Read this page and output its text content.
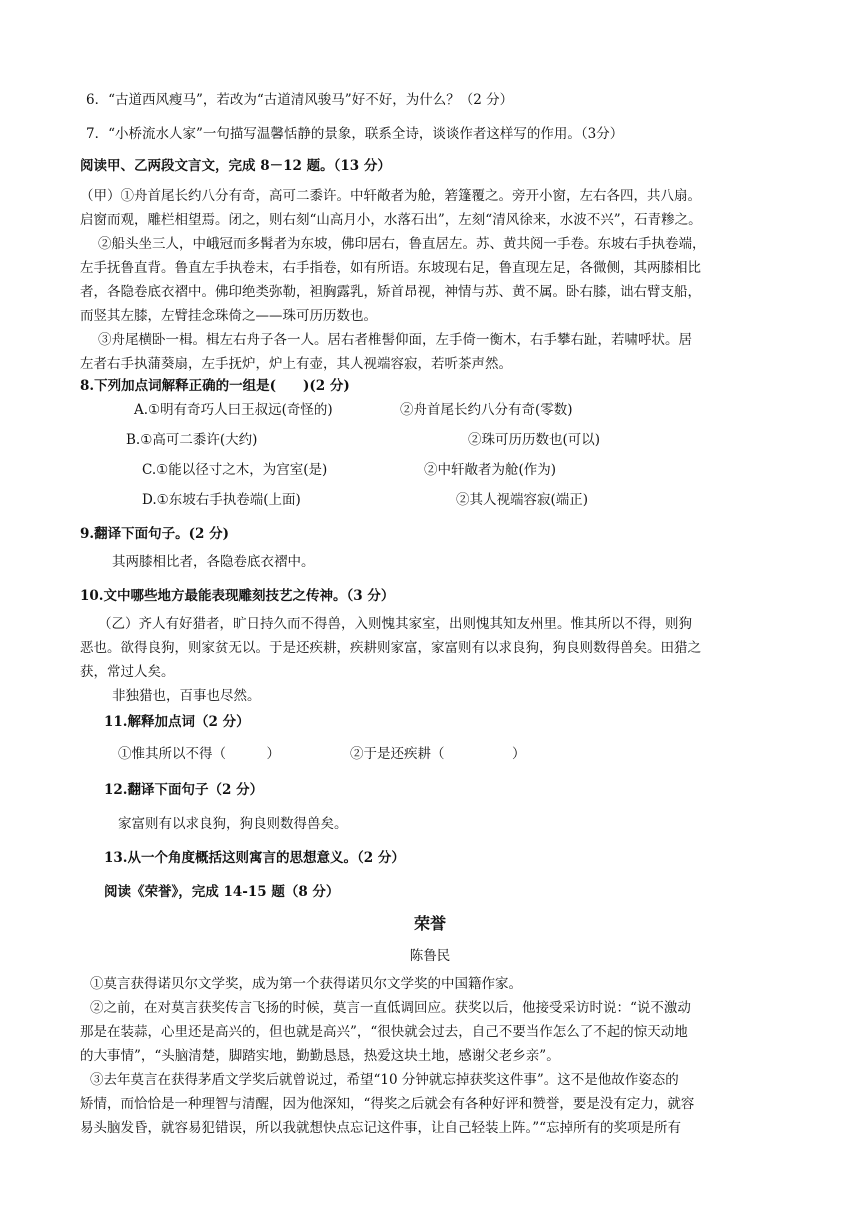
6．“古道西风瘦马”，若改为“古道清风骏马”好不好，为什么？（2 分）
7．“小桥流水人家”一句描写温馨恬静的景象，联系全诗，谈谈作者这样写的作用。（3分）
阅读甲、乙两段文言文，完成 8－12 题。（13 分）
（甲）①舟首尾长约八分有奇，高可二黍许。中轩敞者为舱，箬篷覆之。旁开小窗，左右各四，共八扇。
启窗而观，雕栏相望焉。闭之，则右刻“山高月小，水落石出”，左刻“清风徐来，水波不兴”，石青糁之。
②船头坐三人，中峨冠而多髯者为东坡，佛印居右，鲁直居左。苏、黄共阅一手卷。东坡右手执卷端，
左手抚鲁直背。鲁直左手执卷末，右手指卷，如有所语。东坡现右足，鲁直现左足，各微侧，其两膝相比
者，各隐卷底衣褶中。佛印绝类弥勒，袒胸露乳，矫首昂视，神情与苏、黄不属。卧右膝，诎右臂支船，
而竖其左膝，左臂挂念珠倚之——珠可历历数也。
③舟尾横卧一楫。楫左右舟子各一人。居右者椎髻仰面，左手倚一衡木，右手攀右趾，若啸呼状。居
左者右手执蒲葵扇，左手抚炉，炉上有壶，其人视端容寂，若听茶声然。
8.下列加点词解释正确的一组是(　　)(2 分)
A.①明有奇巧人曰王叔远(奇怪的)	②舟首尾长约八分有奇(零数)
B.①高可二黍许(大约)	②珠可历历数也(可以)
C.①能以径寸之木，为宫室(是)	②中轩敞者为舱(作为)
D.①东坡右手执卷端(上面)	②其人视端容寂(端正)
9.翻译下面句子。(2 分)
其两膝相比者，各隐卷底衣褶中。
10.文中哪些地方最能表现雕刻技艺之传神。（3 分）
（乙）齐人有好猎者，旷日持久而不得兽，入则愧其家室，出则愧其知友州里。惟其所以不得，则狗
恶也。欲得良狗，则家贫无以。于是还疾耕，疾耕则家富，家富则有以求良狗，狗良则数得兽矣。田猎之
获，常过人矣。
非独猎也，百事也尽然。
11.解释加点词（2 分）
①惟其所以不得（　　　）	②于是还疾耕（　　　　　）
12.翻译下面句子（2 分）
家富则有以求良狗，狗良则数得兽矣。
13.从一个角度概括这则寓言的思想意义。（2 分）
阅读《荣誉》，完成 14-15 题（8 分）
荣誉
陈鲁民
①莫言获得诺贝尔文学奖，成为第一个获得诺贝尔文学奖的中国籍作家。
②之前，在对莫言获奖传言飞扬的时候，莫言一直低调回应。获奖以后，他接受采访时说：“说不激动
那是在装蒜，心里还是高兴的，但也就是高兴”，“很快就会过去，自己不要当作怎么了不起的惊天动地
的大事情”，“头脑清楚，脚踏实地，勤勤恳恳，热爱这块土地，感谢父老乡亲”。
③去年莫言在获得茅盾文学奖后就曾说过，希望“10 分钟就忘掉获奖这件事”。这不是他故作姿态的
矫情，而恰恰是一种理智与清醒，因为他深知，“得奖之后就会有各种好评和赞誉，要是没有定力，就容
易头脑发昏，就容易犯错误，所以我就想快点忘记这件事，让自己轻装上阵。”“忘掉所有的奖项是所有
